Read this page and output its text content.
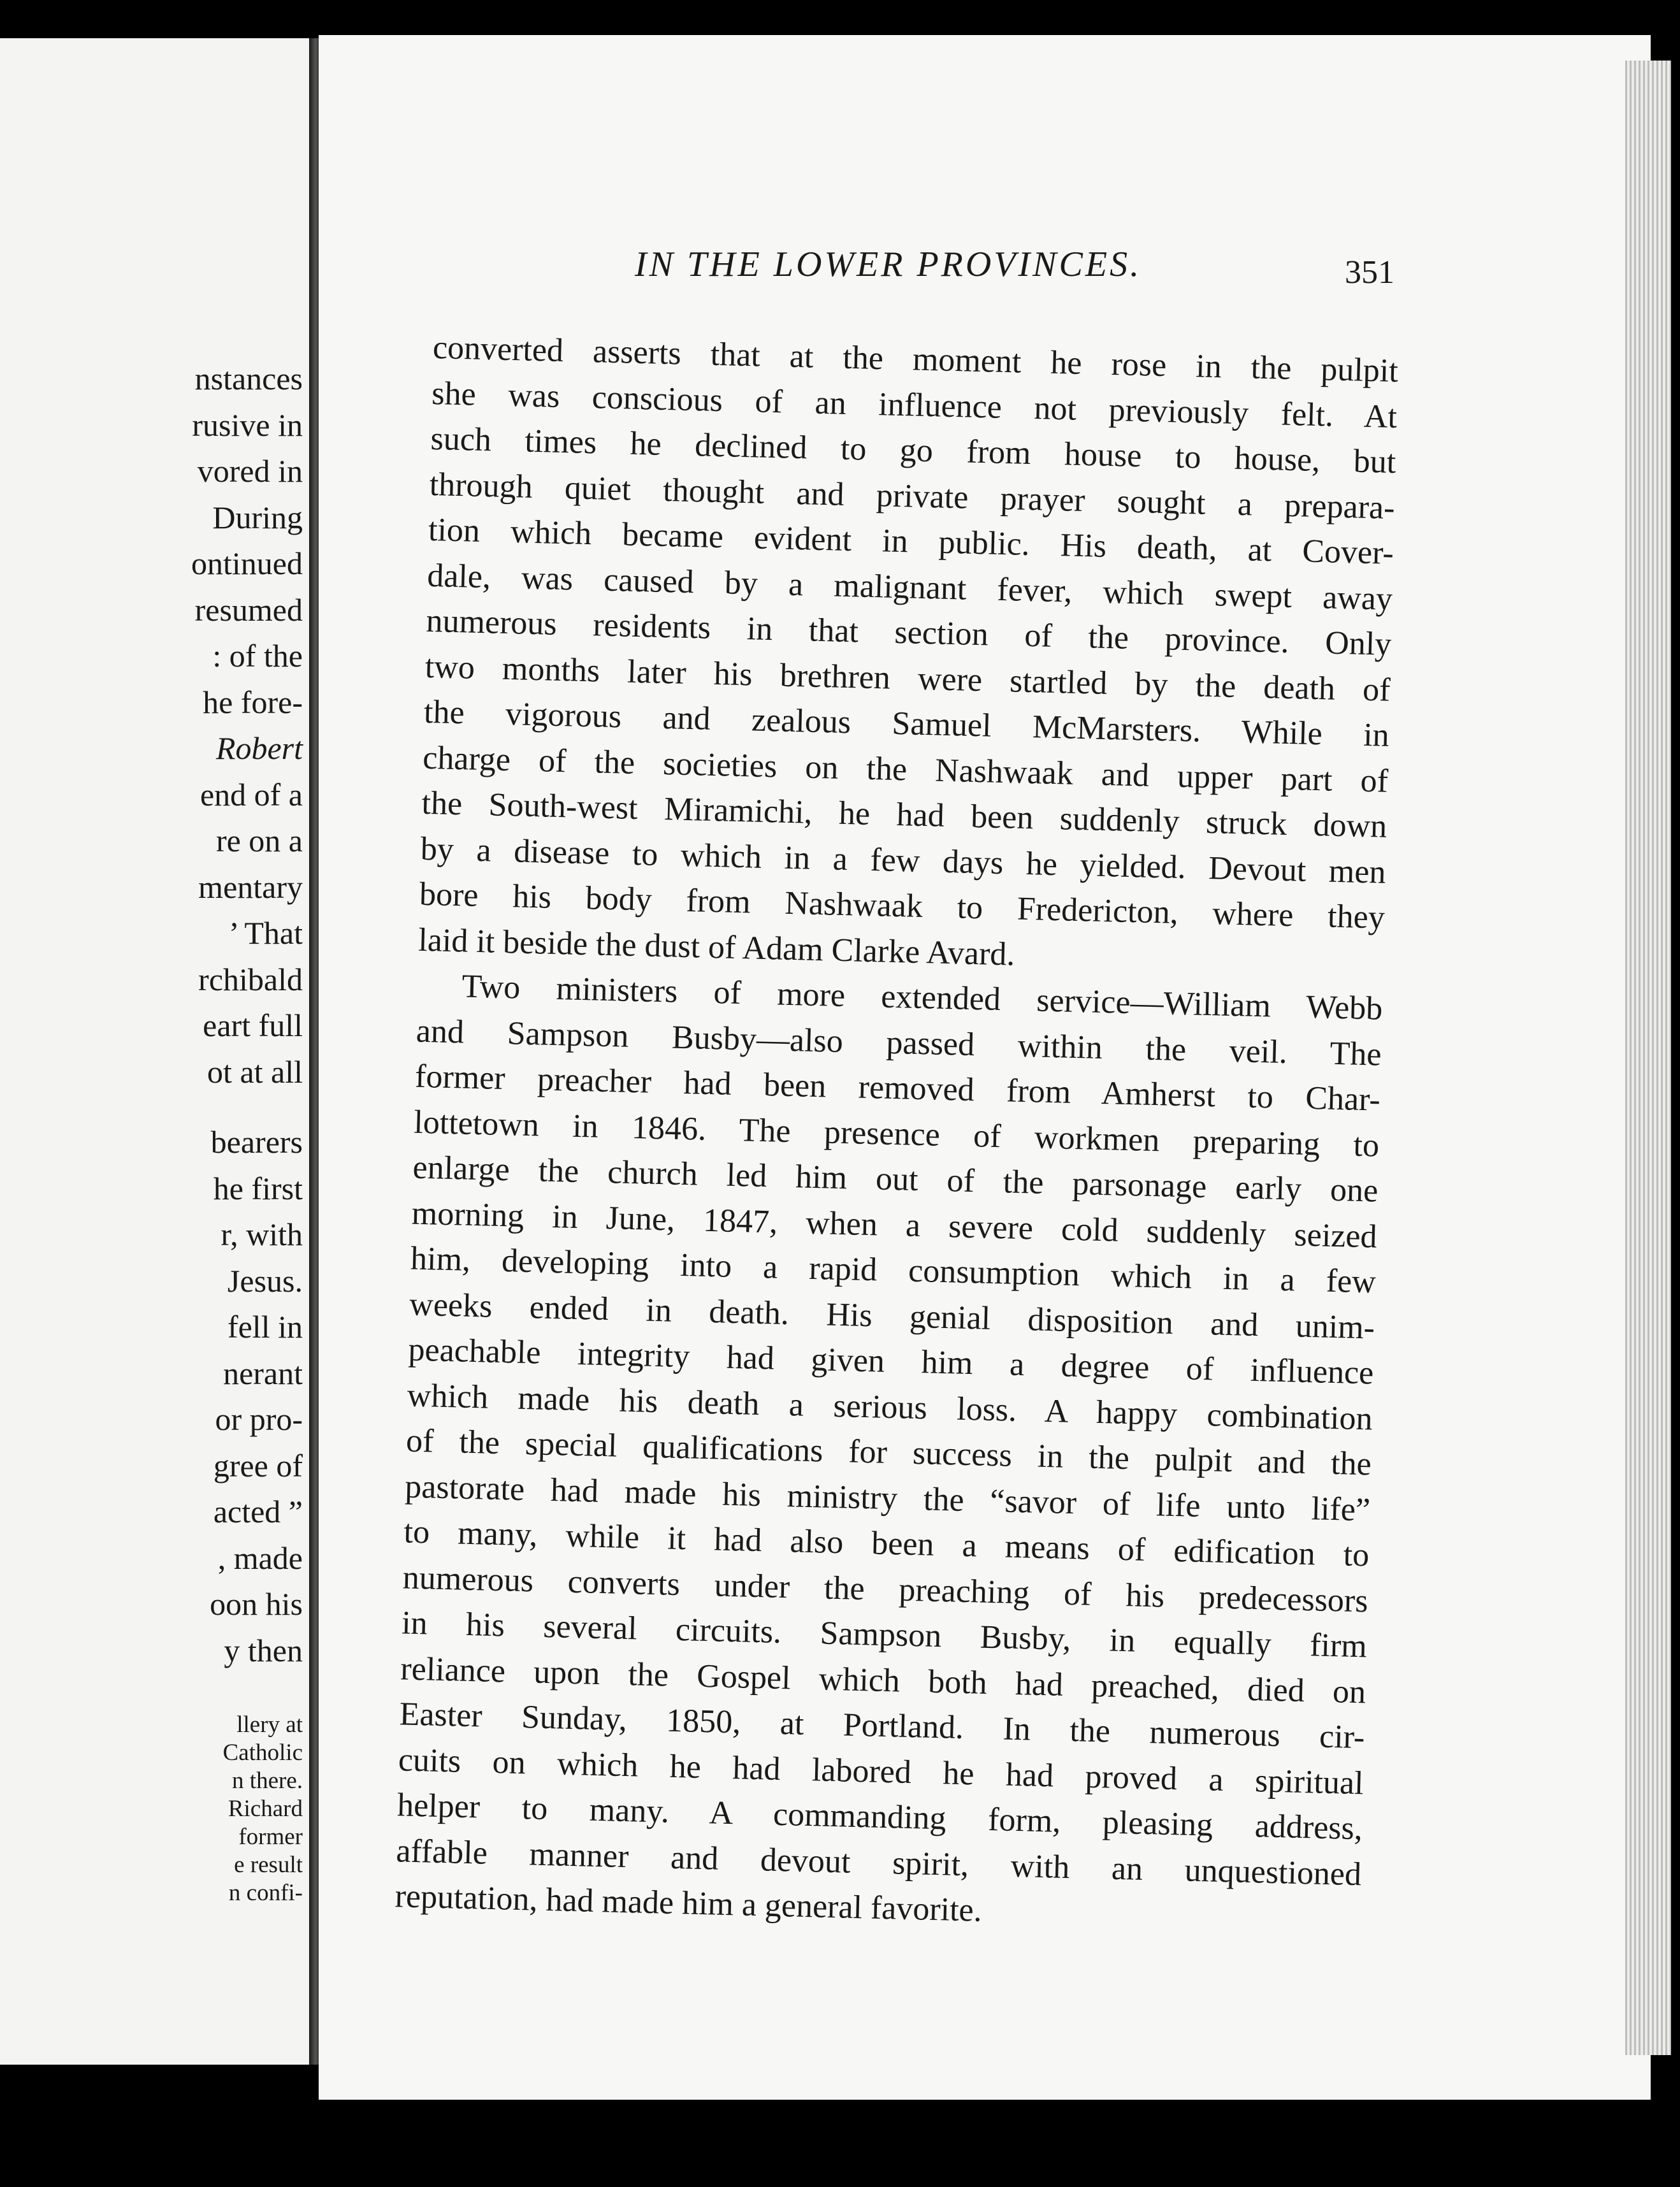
nstances
rusive in
vored in
During
ontinued
resumed
: of the
he fore-
Robert
end of a
re on a
mentary
’ That
rchibald
eart full
ot at all
bearers
he first
r, with
Jesus.
fell in
nerant
or pro-
gree of
acted ”
, made
oon his
y then
llery at
Catholic
n there.
Richard
former
e result
n confi-
IN THE LOWER PROVINCES.	351
converted asserts that at the moment he rose in the pulpit
she was conscious of an influence not previously felt. At
such times he declined to go from house to house, but
through quiet thought and private prayer sought a prepara-
tion which became evident in public. His death, at Cover-
dale, was caused by a malignant fever, which swept away
numerous residents in that section of the province. Only
two months later his brethren were startled by the death of
the vigorous and zealous Samuel McMarsters. While in
charge of the societies on the Nashwaak and upper part of
the South-west Miramichi, he had been suddenly struck down
by a disease to which in a few days he yielded. Devout men
bore his body from Nashwaak to Fredericton, where they
laid it beside the dust of Adam Clarke Avard.
Two ministers of more extended service—William Webb
and Sampson Busby—also passed within the veil. The
former preacher had been removed from Amherst to Char-
lottetown in 1846. The presence of workmen preparing to
enlarge the church led him out of the parsonage early one
morning in June, 1847, when a severe cold suddenly seized
him, developing into a rapid consumption which in a few
weeks ended in death. His genial disposition and unim-
peachable integrity had given him a degree of influence
which made his death a serious loss. A happy combination
of the special qualifications for success in the pulpit and the
pastorate had made his ministry the “savor of life unto life”
to many, while it had also been a means of edification to
numerous converts under the preaching of his predecessors
in his several circuits. Sampson Busby, in equally firm
reliance upon the Gospel which both had preached, died on
Easter Sunday, 1850, at Portland. In the numerous cir-
cuits on which he had labored he had proved a spiritual
helper to many. A commanding form, pleasing address,
affable manner and devout spirit, with an unquestioned
reputation, had made him a general favorite.
